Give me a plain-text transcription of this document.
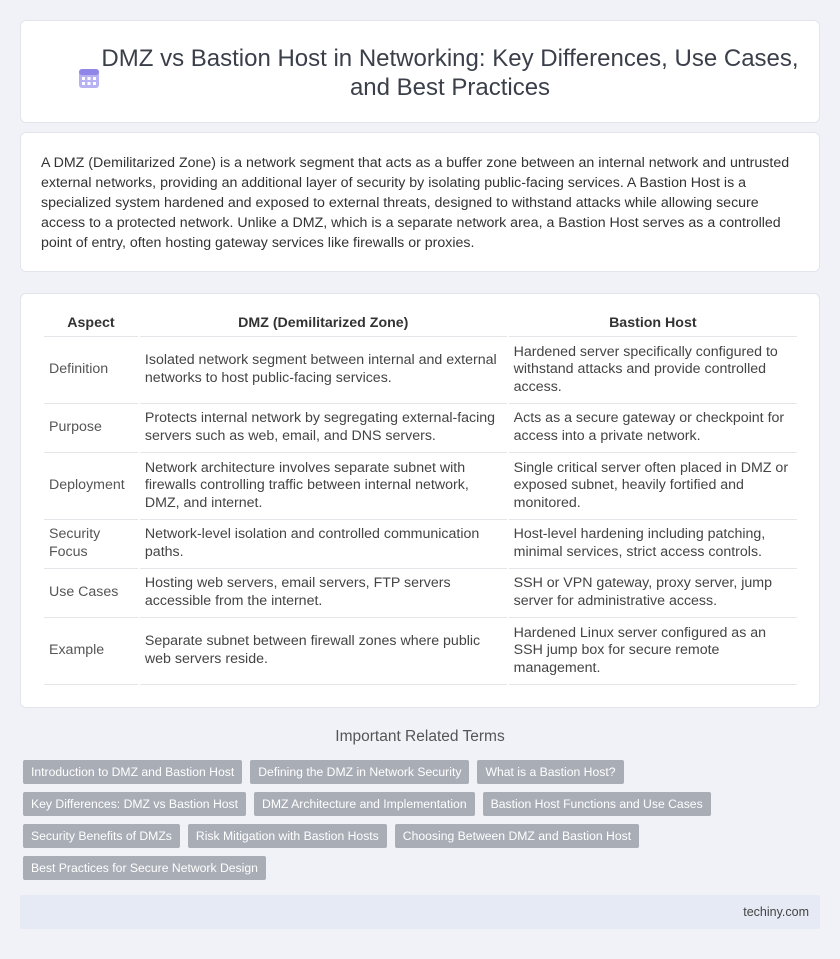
DMZ vs Bastion Host in Networking: Key Differences, Use Cases, and Best Practices

A DMZ (Demilitarized Zone) is a network segment that acts as a buffer zone between an internal network and untrusted external networks, providing an additional layer of security by isolating public-facing services. A Bastion Host is a specialized system hardened and exposed to external threats, designed to withstand attacks while allowing secure access to a protected network. Unlike a DMZ, which is a separate network area, a Bastion Host serves as a controlled point of entry, often hosting gateway services like firewalls or proxies.

Aspect	DMZ (Demilitarized Zone)	Bastion Host
Definition	Isolated network segment between internal and external networks to host public-facing services.	Hardened server specifically configured to withstand attacks and provide controlled access.
Purpose	Protects internal network by segregating external-facing servers such as web, email, and DNS servers.	Acts as a secure gateway or checkpoint for access into a private network.
Deployment	Network architecture involves separate subnet with firewalls controlling traffic between internal network, DMZ, and internet.	Single critical server often placed in DMZ or exposed subnet, heavily fortified and monitored.
Security Focus	Network-level isolation and controlled communication paths.	Host-level hardening including patching, minimal services, strict access controls.
Use Cases	Hosting web servers, email servers, FTP servers accessible from the internet.	SSH or VPN gateway, proxy server, jump server for administrative access.
Example	Separate subnet between firewall zones where public web servers reside.	Hardened Linux server configured as an SSH jump box for secure remote management.
Important Related Terms
Introduction to DMZ and Bastion Host	Defining the DMZ in Network Security	What is a Bastion Host?
Key Differences: DMZ vs Bastion Host	DMZ Architecture and Implementation	Bastion Host Functions and Use Cases
Security Benefits of DMZs	Risk Mitigation with Bastion Hosts	Choosing Between DMZ and Bastion Host
Best Practices for Secure Network Design
techiny.com
